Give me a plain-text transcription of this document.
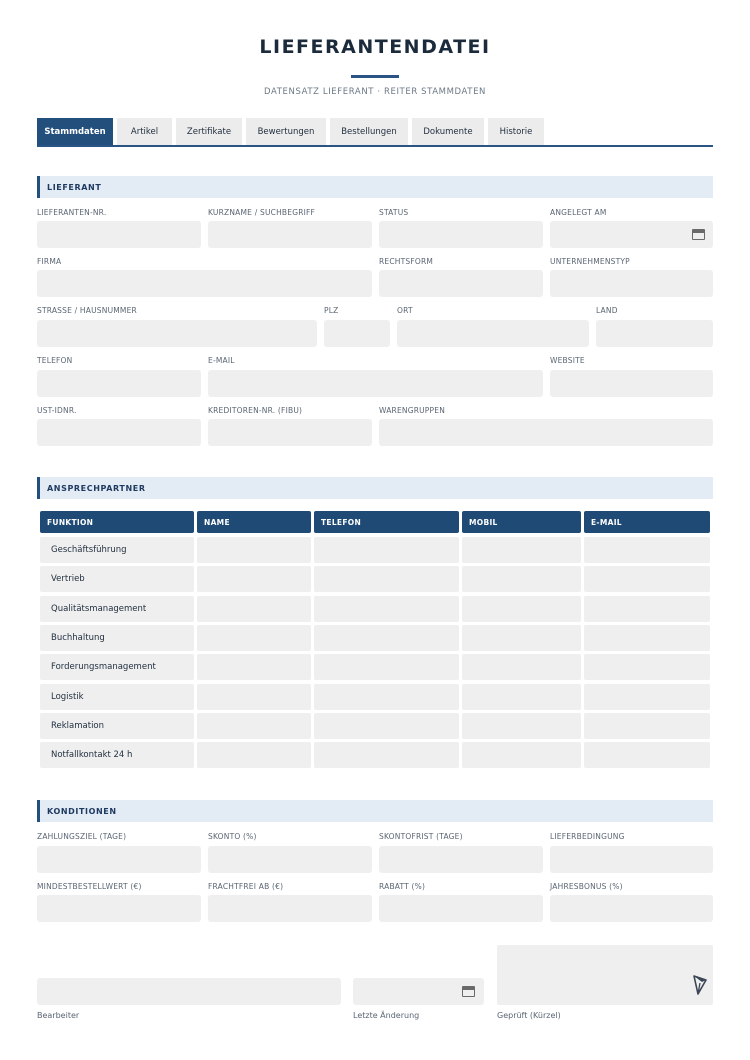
LIEFERANTENDATEI
DATENSATZ LIEFERANT · REITER STAMMDATEN
Stammdaten	Artikel	Zertifikate	Bewertungen	Bestellungen	Dokumente	Historie
LIEFERANT
LIEFERANTEN-NR.	KURZNAME / SUCHBEGRIFF	STATUS	ANGELEGT AM
FIRMA	RECHTSFORM	UNTERNEHMENSTYP
STRASSE / HAUSNUMMER	PLZ	ORT	LAND
TELEFON	E-MAIL	WEBSITE
UST-IDNR.	KREDITOREN-NR. (FIBU)	WARENGRUPPEN
ANSPRECHPARTNER
FUNKTION	NAME	TELEFON	MOBIL	E-MAIL
Geschäftsführung
Vertrieb
Qualitätsmanagement
Buchhaltung
Forderungsmanagement
Logistik
Reklamation
Notfallkontakt 24 h
KONDITIONEN
ZAHLUNGSZIEL (TAGE)	SKONTO (%)	SKONTOFRIST (TAGE)	LIEFERBEDINGUNG
MINDESTBESTELLWERT (€)	FRACHTFREI AB (€)	RABATT (%)	JAHRESBONUS (%)
Bearbeiter	Letzte Änderung	Geprüft (Kürzel)
